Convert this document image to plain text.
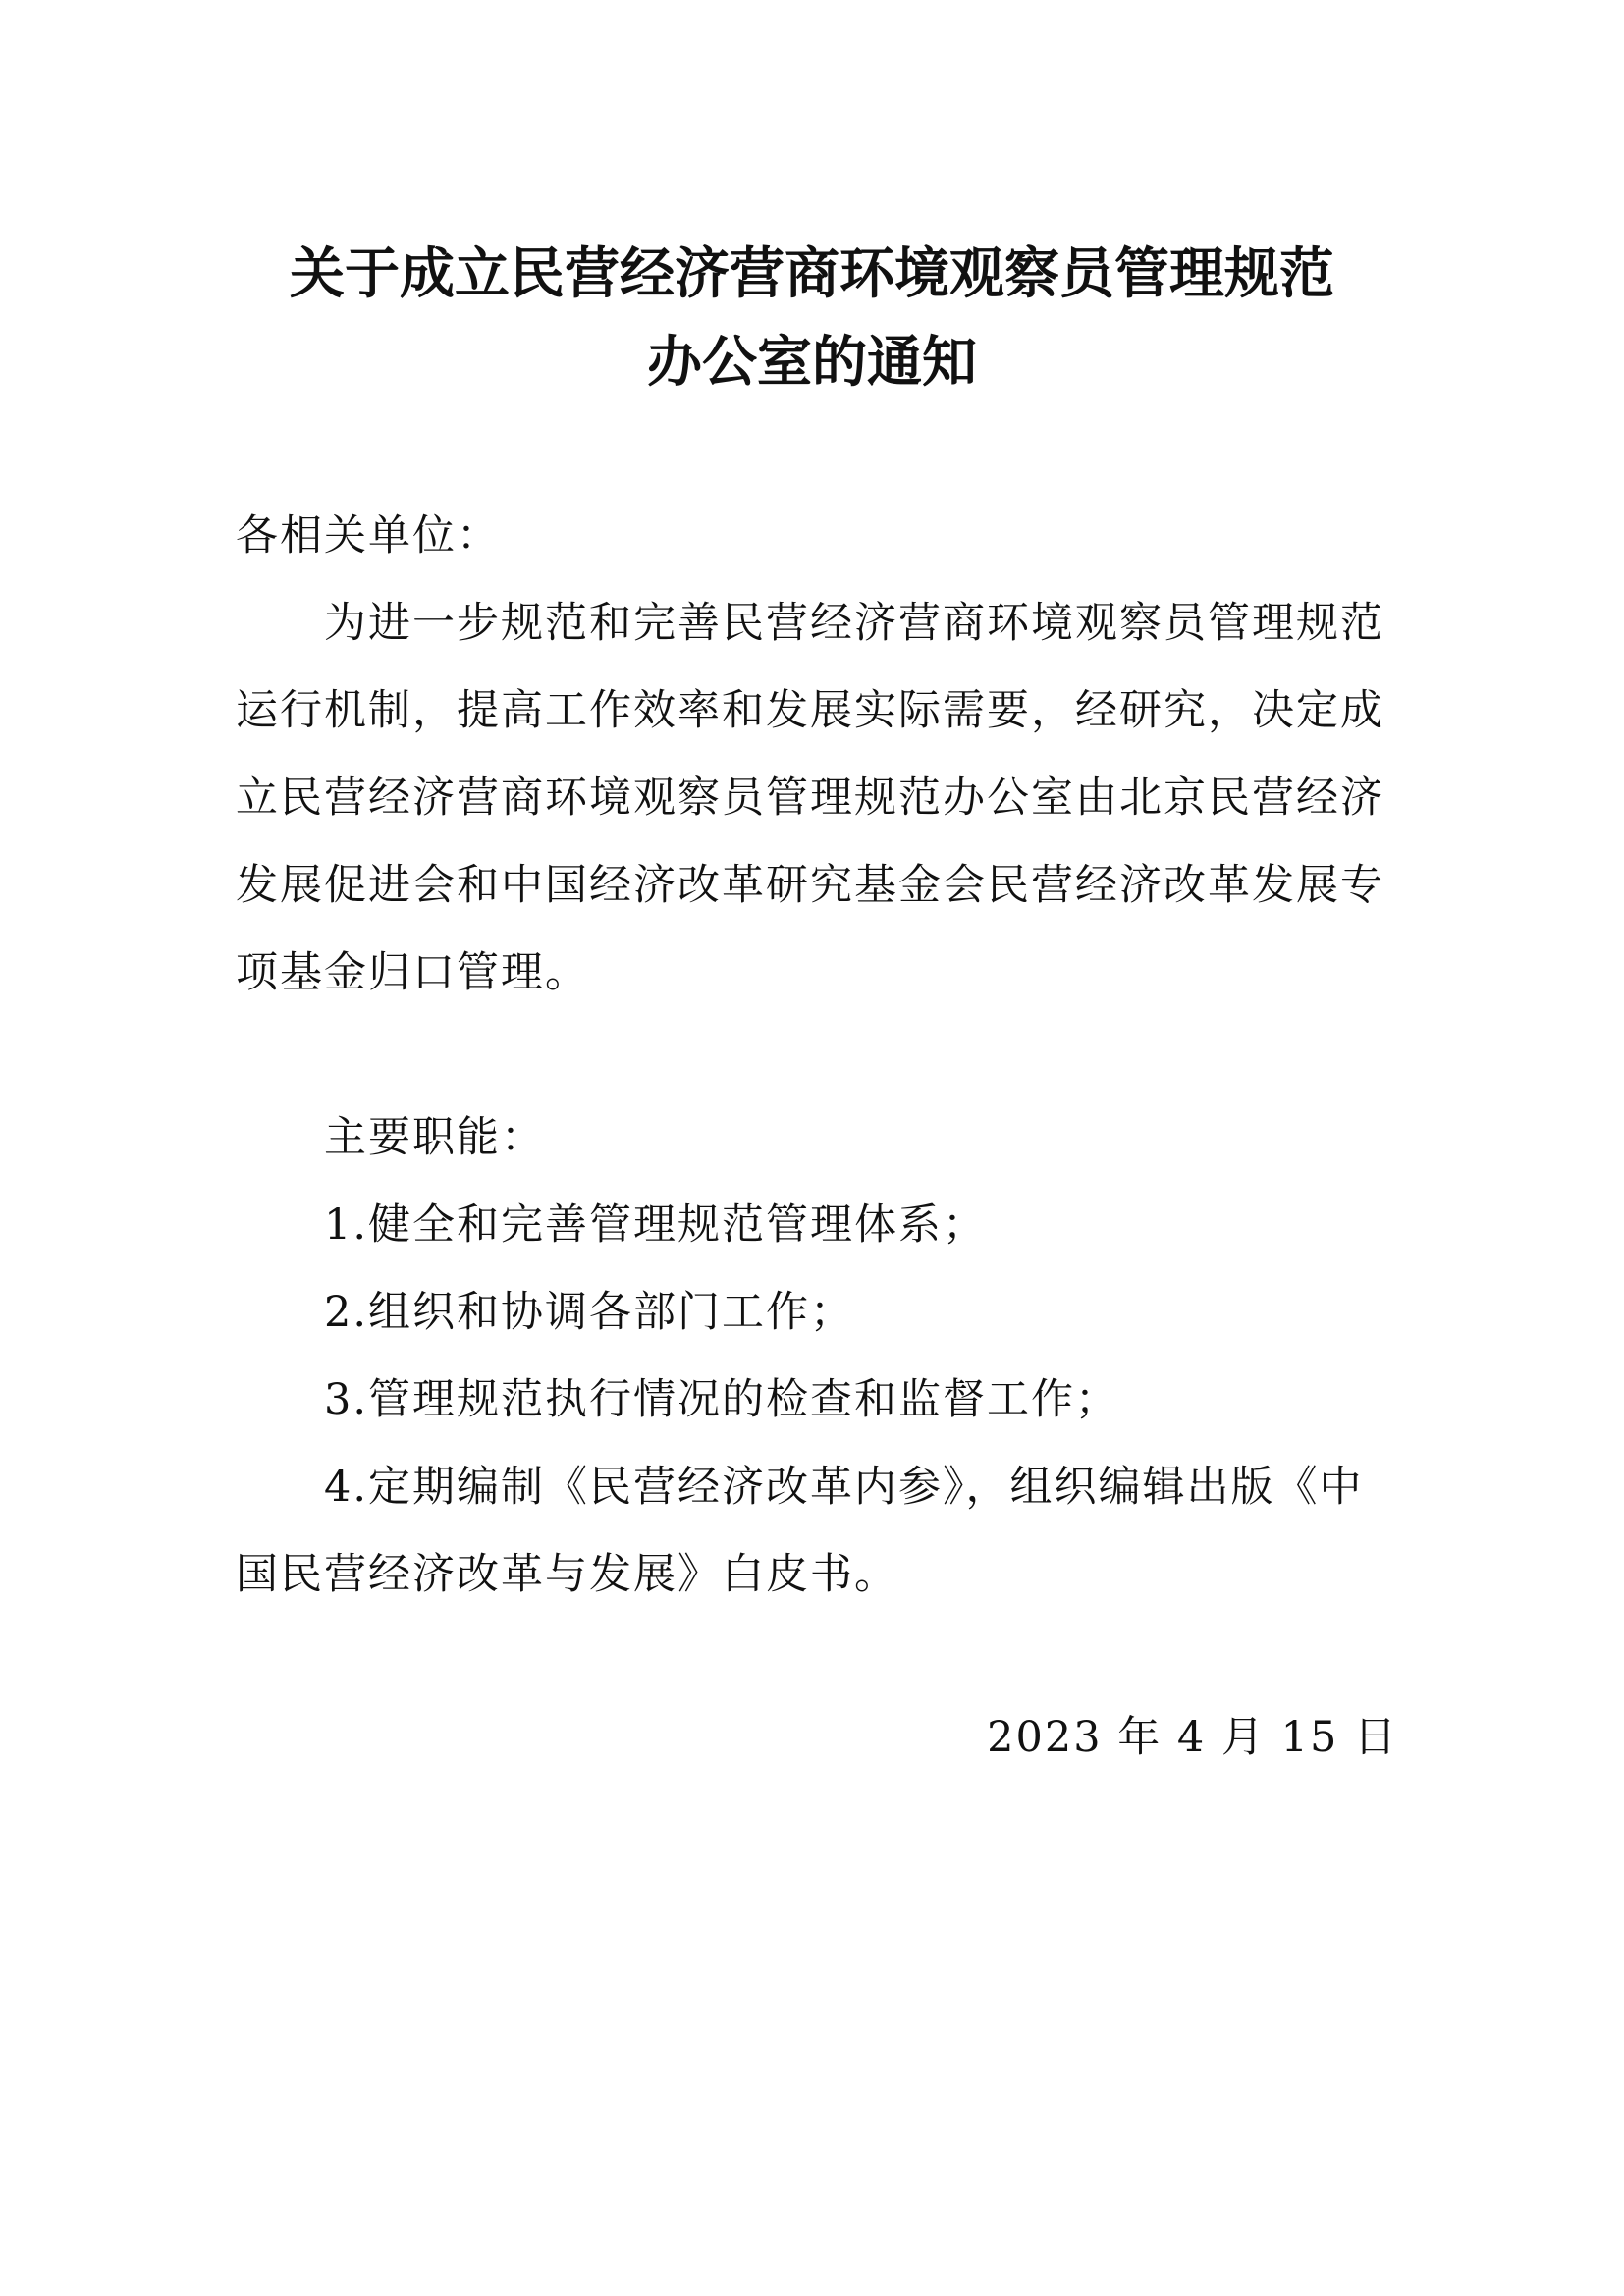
关于成立民营经济营商环境观察员管理规范
办公室的通知

各相关单位：

为进一步规范和完善民营经济营商环境观察员管理规范运行机制，提高工作效率和发展实际需要，经研究，决定成立民营经济营商环境观察员管理规范办公室由北京民营经济发展促进会和中国经济改革研究基金会民营经济改革发展专项基金归口管理。

主要职能：

1.健全和完善管理规范管理体系；

2.组织和协调各部门工作；

3.管理规范执行情况的检查和监督工作；

4.定期编制《民营经济改革内参》，组织编辑出版《中国民营经济改革与发展》白皮书。

2023 年 4 月 15 日
